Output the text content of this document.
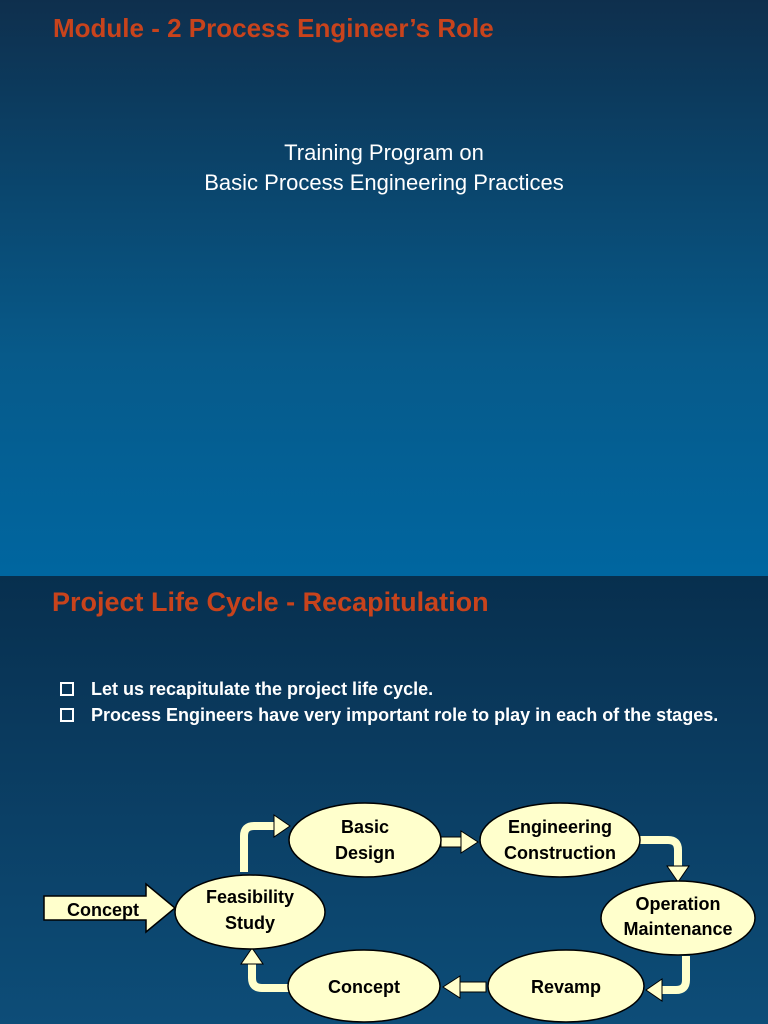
Module - 2 Process Engineer’s Role
Training Program on
Basic Process Engineering Practices
Project Life Cycle - Recapitulation
Let us recapitulate the project life cycle.
Process Engineers have very important role to play in each of the stages.
Concept
Feasibility
Study
Basic
Design
Engineering
Construction
Operation
Maintenance
Revamp
Concept
